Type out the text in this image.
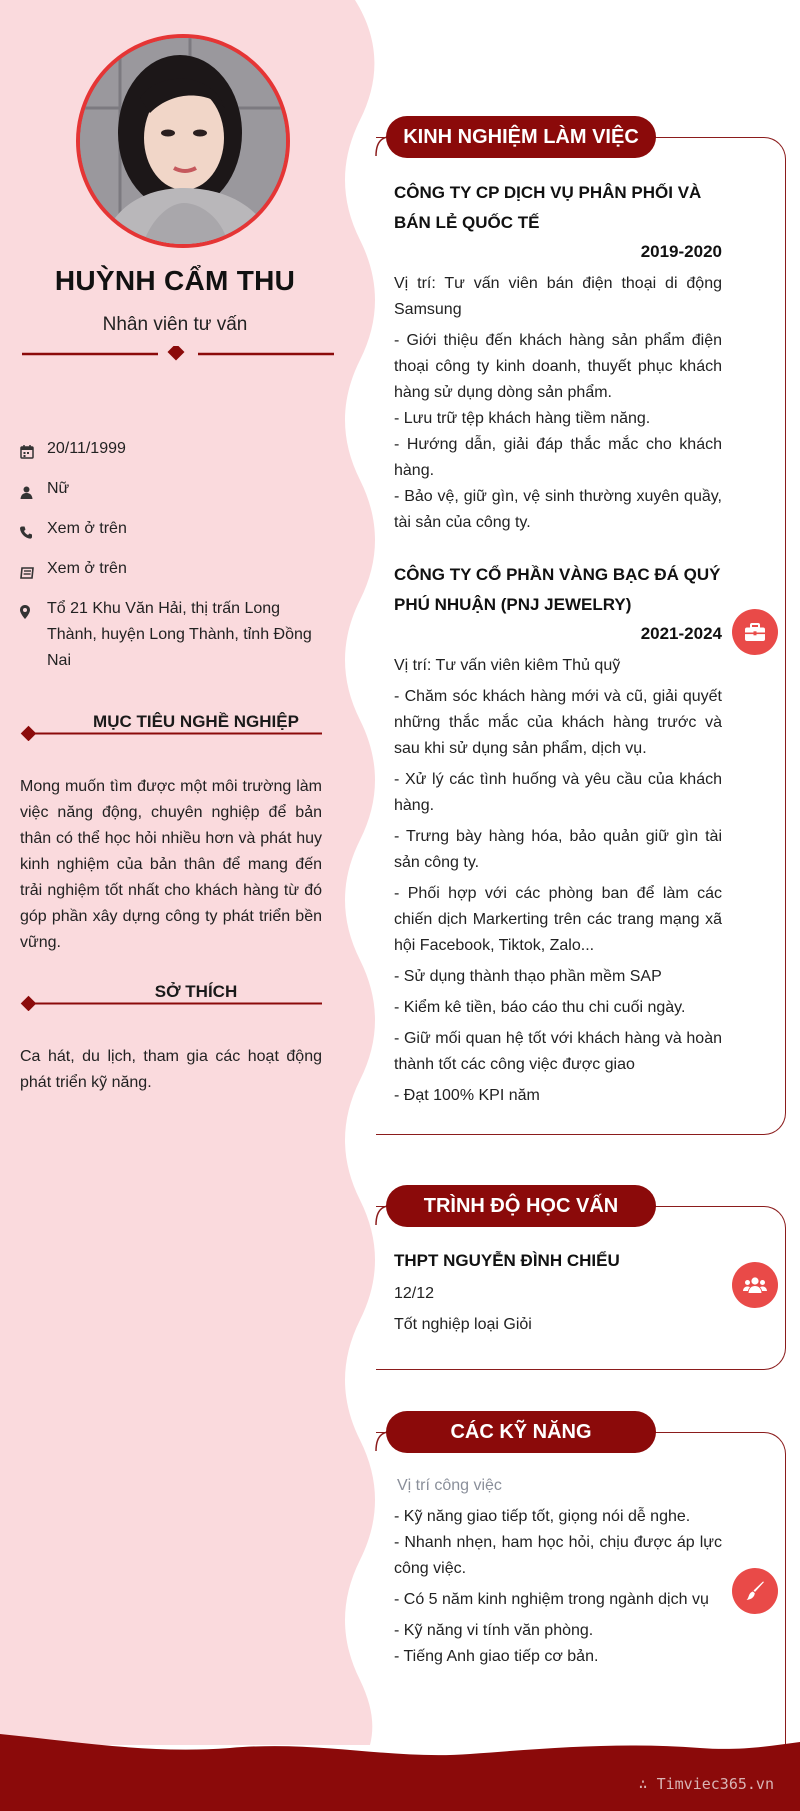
HUỲNH CẨM THU
Nhân viên tư vấn
20/11/1999
Nữ
Xem ở trên
Xem ở trên
Tổ 21 Khu Văn Hải, thị trấn Long Thành, huyện Long Thành, tỉnh Đồng Nai
MỤC TIÊU NGHỀ NGHIỆP
Mong muốn tìm được một môi trường làm việc năng động, chuyên nghiệp để bản thân có thể học hỏi nhiều hơn và phát huy kinh nghiệm của bản thân để mang đến trải nghiệm tốt nhất cho khách hàng từ đó góp phần xây dựng công ty phát triển bền vững.
SỞ THÍCH
Ca hát, du lịch, tham gia các hoạt động phát triển kỹ năng.
KINH NGHIỆM LÀM VIỆC
CÔNG TY CP DỊCH VỤ PHÂN PHỐI VÀ BÁN LẺ QUỐC TẾ
2019-2020

Vị trí: Tư vấn viên bán điện thoại di động Samsung

- Giới thiệu đến khách hàng sản phẩm điện thoại công ty kinh doanh, thuyết phục khách hàng sử dụng dòng sản phẩm.

- Lưu trữ tệp khách hàng tiềm năng.

- Hướng dẫn, giải đáp thắc mắc cho khách hàng.

- Bảo vệ, giữ gìn, vệ sinh thường xuyên quầy, tài sản của công ty.

CÔNG TY CỔ PHẦN VÀNG BẠC ĐÁ QUÝ PHÚ NHUẬN (PNJ JEWELRY)
2021-2024

Vị trí: Tư vấn viên kiêm Thủ quỹ

- Chăm sóc khách hàng mới và cũ, giải quyết những thắc mắc của khách hàng trước và sau khi sử dụng sản phẩm, dịch vụ.

- Xử lý các tình huống và yêu cầu của khách hàng.

- Trưng bày hàng hóa, bảo quản giữ gìn tài sản công ty.

- Phối hợp với các phòng ban để làm các chiến dịch Markerting trên các trang mạng xã hội Facebook, Tiktok, Zalo...

- Sử dụng thành thạo phần mềm SAP

- Kiểm kê tiền, báo cáo thu chi cuối ngày.

- Giữ mối quan hệ tốt với khách hàng và hoàn thành tốt các công việc được giao

- Đạt 100% KPI năm

TRÌNH ĐỘ HỌC VẤN
THPT NGUYỄN ĐÌNH CHIỂU

12/12

Tốt nghiệp loại Giỏi

CÁC KỸ NĂNG

Vị trí công việc

- Kỹ năng giao tiếp tốt, giọng nói dễ nghe.

- Nhanh nhẹn, ham học hỏi, chịu được áp lực công việc.

- Có 5 năm kinh nghiệm trong ngành dịch vụ

- Kỹ năng vi tính văn phòng.

- Tiếng Anh giao tiếp cơ bản.

∴ Timviec365.vn
